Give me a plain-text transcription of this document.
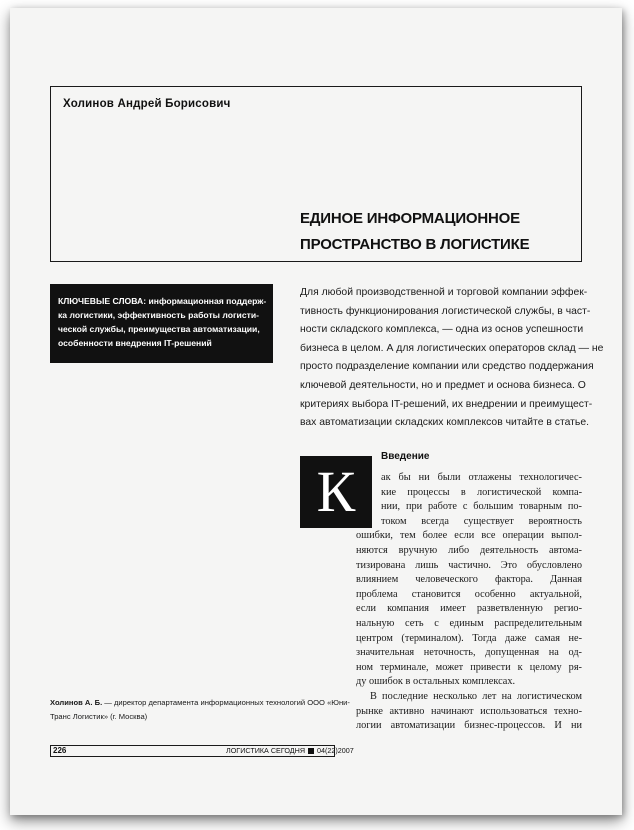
Холинов Андрей Борисович
ЕДИНОЕ ИНФОРМАЦИОННОЕ
ПРОСТРАНСТВО В ЛОГИСТИКЕ
КЛЮЧЕВЫЕ СЛОВА: информационная поддерж-
ка логистики, эффективность работы логисти-
ческой службы, преимущества автоматизации,
особенности внедрения IT-решений
Для любой производственной и торговой компании эффек-
тивность функционирования логистической службы, в част-
ности складского комплекса, — одна из основ успешности
бизнеса в целом. А для логистических операторов склад — не
просто подразделение компании или средство поддержания
ключевой деятельности, но и предмет и основа бизнеса. О
критериях выбора IT-решений, их внедрении и преимущест-
вах автоматизации складских комплексов читайте в статье.
К
Введение
ак бы ни были отлажены технологичес-
кие процессы в логистической компа-
нии, при работе с большим товарным по-
током всегда существует вероятность
ошибки, тем более если все операции выпол-
няются вручную либо деятельность автома-
тизирована лишь частично. Это обусловлено
влиянием человеческого фактора. Данная
проблема становится особенно актуальной,
если компания имеет разветвленную регио-
нальную сеть с единым распределительным
центром (терминалом). Тогда даже самая не-
значительная неточность, допущенная на од-
ном терминале, может привести к целому ря-
ду ошибок в остальных комплексах.
В последние несколько лет на логистическом
рынке активно начинают использоваться техно-
логии автоматизации бизнес-процессов. И ни
Холинов А. Б. — директор департамента информационных технологий ООО «Юни-
Транс Логистик» (г. Москва)
226	ЛОГИСТИКА СЕГОДНЯ 04(22)2007
